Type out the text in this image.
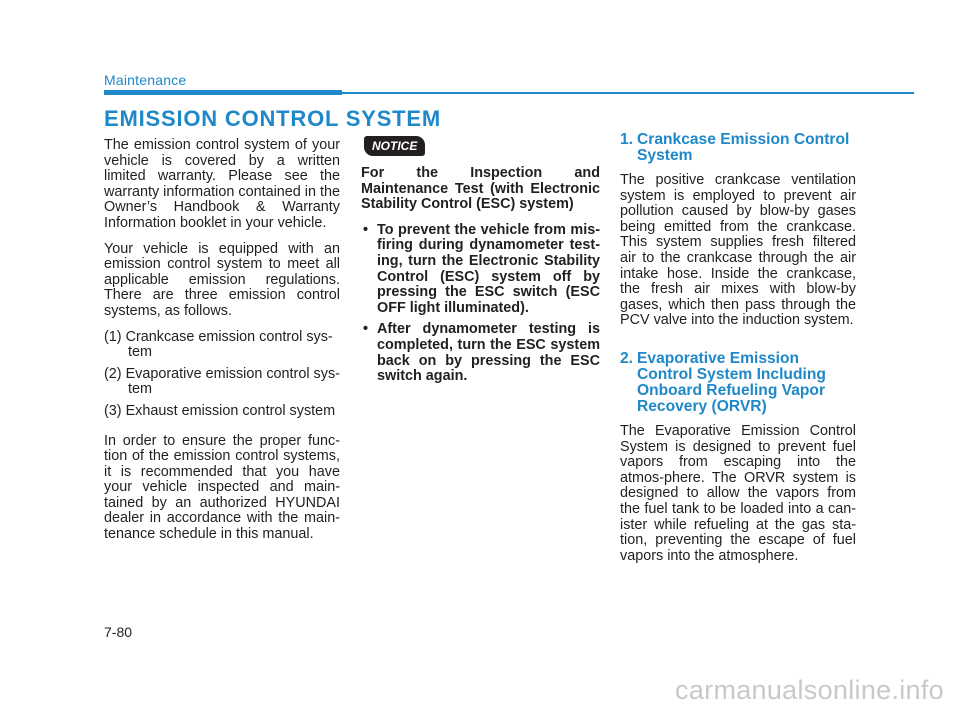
Maintenance
EMISSION CONTROL SYSTEM

The emission control system of your vehicle is covered by a written limited warranty. Please see the warranty information contained in the Owner’s Handbook & Warranty Information booklet in your vehicle.

Your vehicle is equipped with an emission control system to meet all applicable emission regulations. There are three emission control systems, as follows.

(1) Crankcase emission control sys-tem
(2) Evaporative emission control sys-tem
(3) Exhaust emission control system

In order to ensure the proper func-tion of the emission control systems, it is recommended that you have your vehicle inspected and main-tained by an authorized HYUNDAI dealer in accordance with the main-tenance schedule in this manual.

NOTICE

For the Inspection and Maintenance Test (with Electronic Stability Control (ESC) system)

• To prevent the vehicle from mis-firing during dynamometer test-ing, turn the Electronic Stability Control (ESC) system off by pressing the ESC switch (ESC OFF light illuminated).
• After dynamometer testing is completed, turn the ESC system back on by pressing the ESC switch again.
1. Crankcase Emission Control System

The positive crankcase ventilation system is employed to prevent air pollution caused by blow-by gases being emitted from the crankcase. This system supplies fresh filtered air to the crankcase through the air intake hose. Inside the crankcase, the fresh air mixes with blow-by gases, which then pass through the PCV valve into the induction system.

2. Evaporative Emission Control System Including Onboard Refueling Vapor Recovery (ORVR)

The Evaporative Emission Control System is designed to prevent fuel vapors from escaping into the atmos-phere. The ORVR system is designed to allow the vapors from the fuel tank to be loaded into a can-ister while refueling at the gas sta-tion, preventing the escape of fuel vapors into the atmosphere.

7-80
carmanualsonline.info
